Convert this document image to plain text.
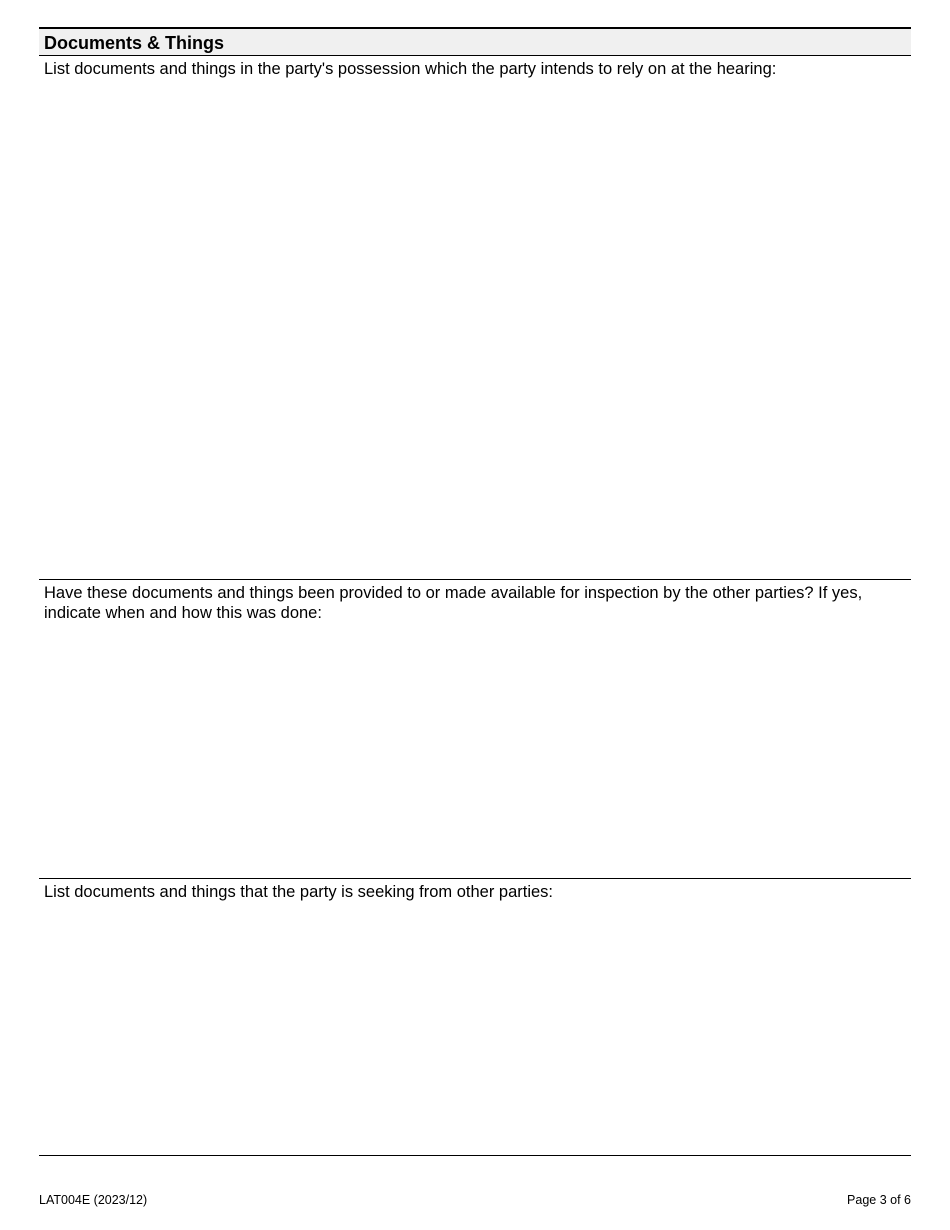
Documents & Things
List documents and things in the party's possession which the party intends to rely on at the hearing:
Have these documents and things been provided to or made available for inspection by the other parties? If yes, indicate when and how this was done:
List documents and things that the party is seeking from other parties:
LAT004E (2023/12)	Page 3 of 6
